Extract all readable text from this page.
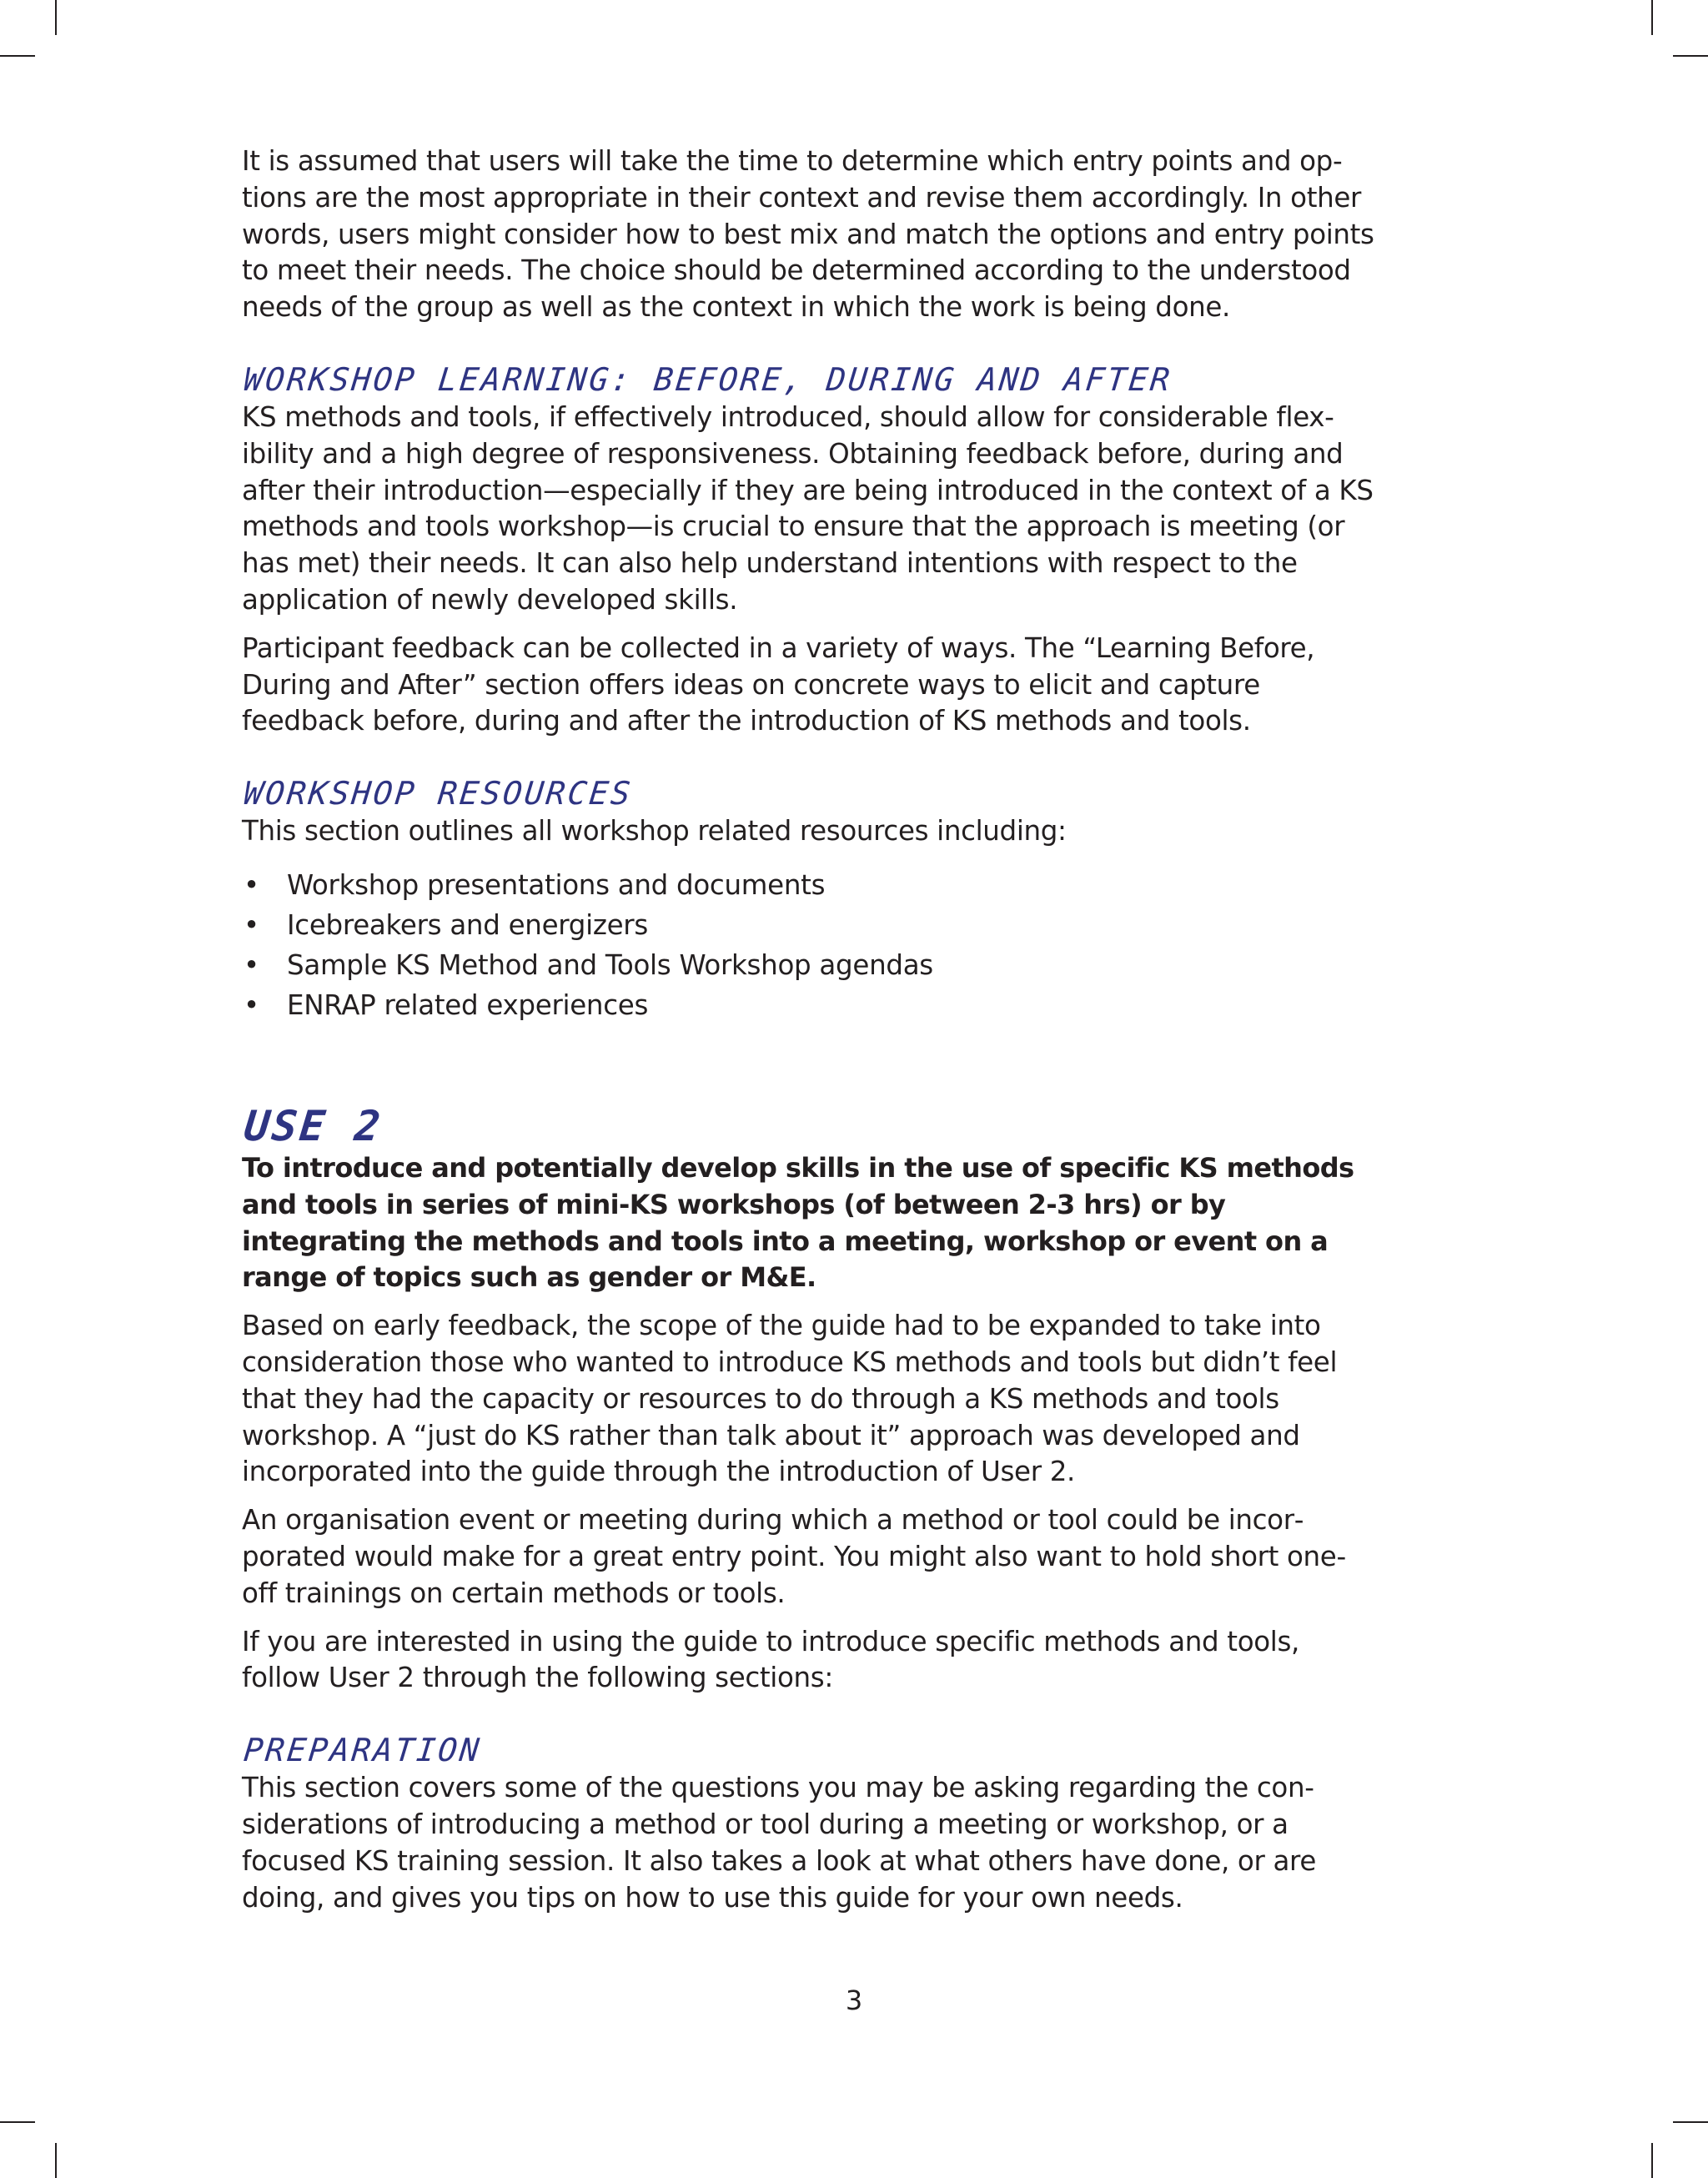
It is assumed that users will take the time to determine which entry points and options are the most appropriate in their context and revise them accordingly. In other words, users might consider how to best mix and match the options and entry points to meet their needs. The choice should be determined according to the understood needs of the group as well as the context in which the work is being done.

WORKSHOP LEARNING: BEFORE, DURING AND AFTER

KS methods and tools, if effectively introduced, should allow for considerable flexibility and a high degree of responsiveness. Obtaining feedback before, during and after their introduction—especially if they are being introduced in the context of a KS methods and tools workshop—is crucial to ensure that the approach is meeting (or has met) their needs. It can also help understand intentions with respect to the application of newly developed skills.

Participant feedback can be collected in a variety of ways. The “Learning Before, During and After” section offers ideas on concrete ways to elicit and capture feedback before, during and after the introduction of KS methods and tools.

WORKSHOP RESOURCES

This section outlines all workshop related resources including:

• Workshop presentations and documents
• Icebreakers and energizers
• Sample KS Method and Tools Workshop agendas
• ENRAP related experiences
USE 2

To introduce and potentially develop skills in the use of specific KS methods and tools in series of mini-KS workshops (of between 2-3 hrs) or by integrating the methods and tools into a meeting, workshop or event on a range of topics such as gender or M&E.

Based on early feedback, the scope of the guide had to be expanded to take into consideration those who wanted to introduce KS methods and tools but didn’t feel that they had the capacity or resources to do through a KS methods and tools workshop. A “just do KS rather than talk about it” approach was developed and incorporated into the guide through the introduction of User 2.

An organisation event or meeting during which a method or tool could be incorporated would make for a great entry point. You might also want to hold short one-off trainings on certain methods or tools.

If you are interested in using the guide to introduce specific methods and tools, follow User 2 through the following sections:

PREPARATION

This section covers some of the questions you may be asking regarding the considerations of introducing a method or tool during a meeting or workshop, or a focused KS training session. It also takes a look at what others have done, or are doing, and gives you tips on how to use this guide for your own needs.

3
